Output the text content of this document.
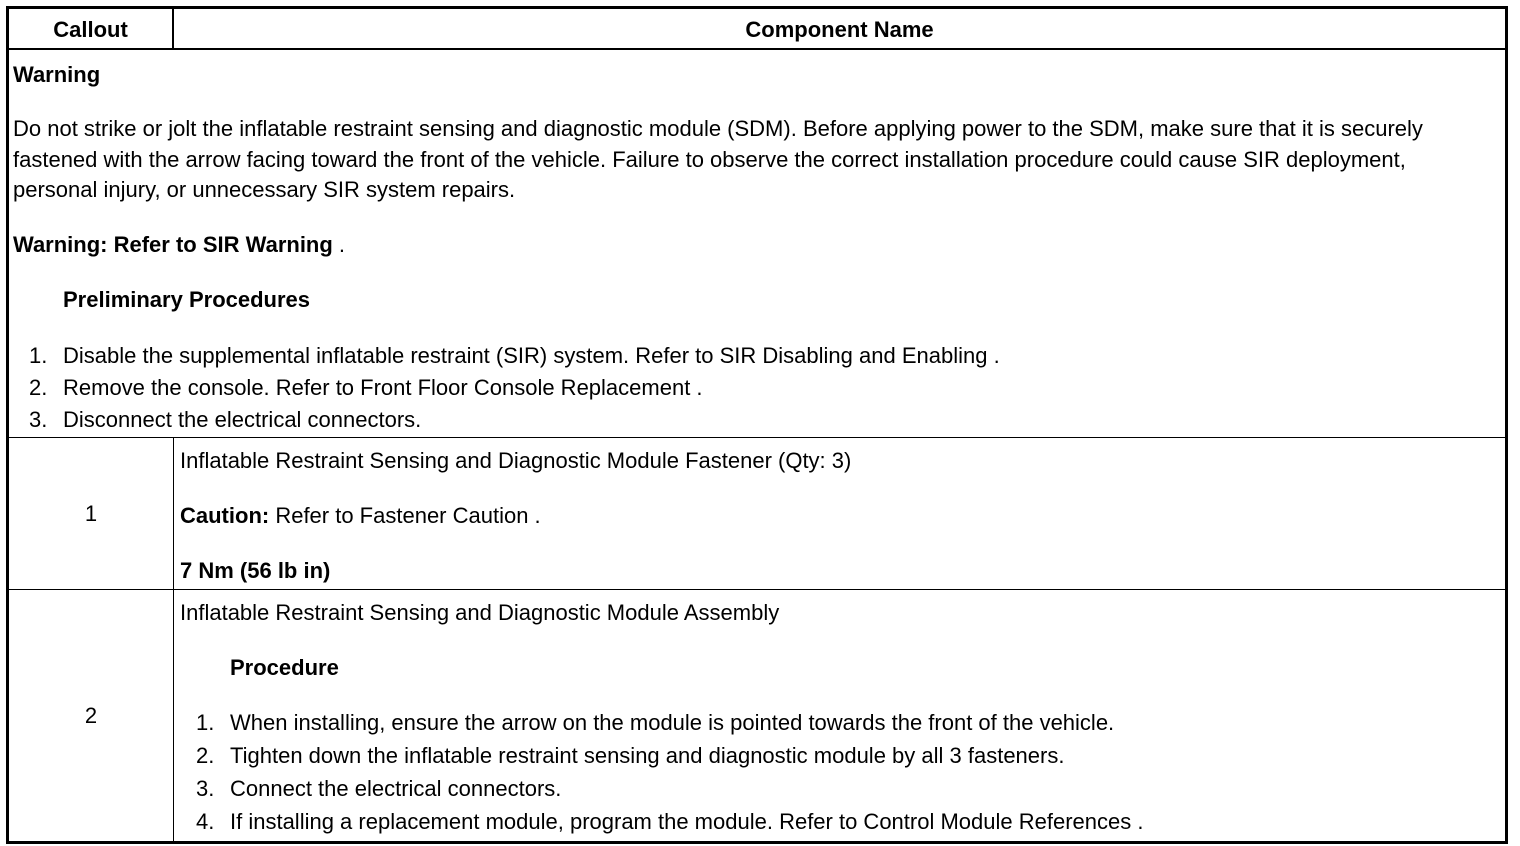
Callout	Component Name
Warning
Do not strike or jolt the inflatable restraint sensing and diagnostic module (SDM). Before applying power to the SDM, make sure that it is securely fastened with the arrow facing toward the front of the vehicle. Failure to observe the correct installation procedure could cause SIR deployment, personal injury, or unnecessary SIR system repairs.
Warning: Refer to SIR Warning .
Preliminary Procedures
1. Disable the supplemental inflatable restraint (SIR) system. Refer to SIR Disabling and Enabling .
2. Remove the console. Refer to Front Floor Console Replacement .
3. Disconnect the electrical connectors.
1
Inflatable Restraint Sensing and Diagnostic Module Fastener (Qty: 3)
Caution: Refer to Fastener Caution .
7 Nm (56 lb in)
2
Inflatable Restraint Sensing and Diagnostic Module Assembly
Procedure
1. When installing, ensure the arrow on the module is pointed towards the front of the vehicle.
2. Tighten down the inflatable restraint sensing and diagnostic module by all 3 fasteners.
3. Connect the electrical connectors.
4. If installing a replacement module, program the module. Refer to Control Module References .
